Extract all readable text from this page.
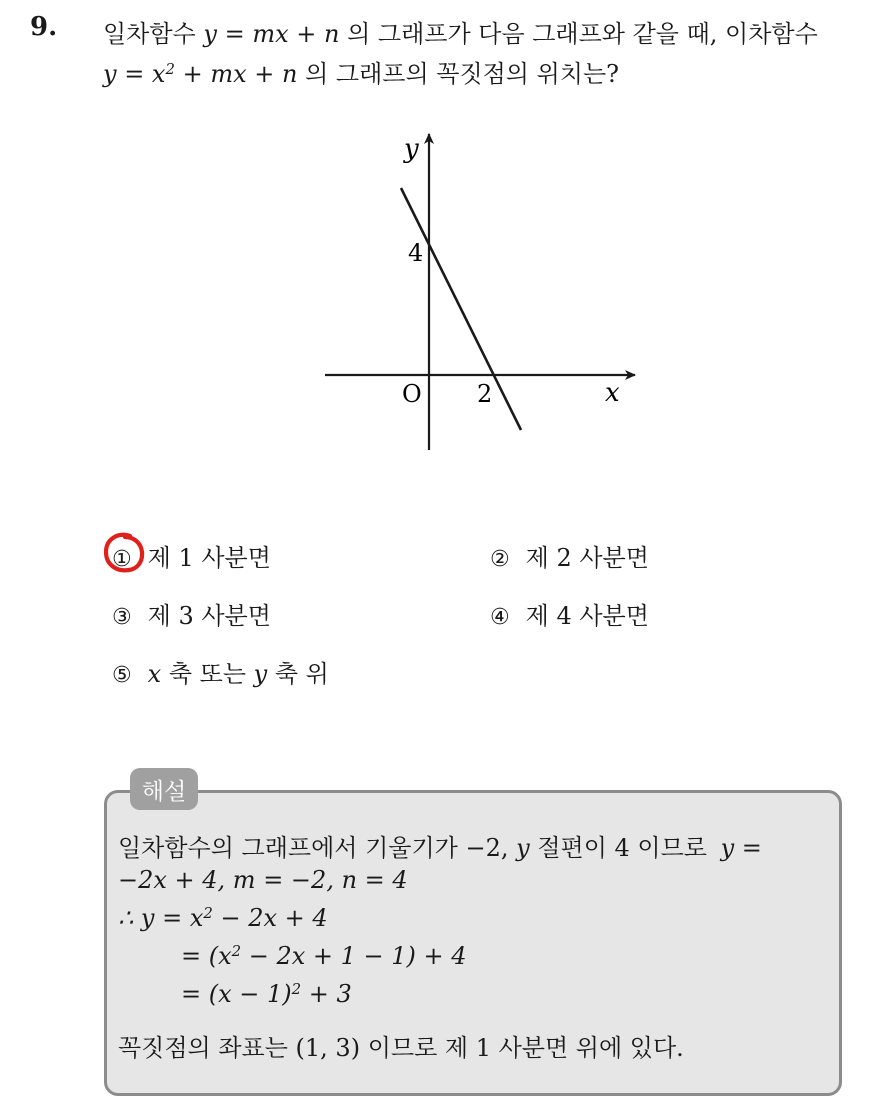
9. 일차함수 y = mx + n 의 그래프가 다음 그래프와 같을 때, 이차함수
$y = x^2$ + mx + n 의 그래프의 꼭짓점의 위치는?
y
x
O
4
2
① 제 1 사분면	② 제 2 사분면
③ 제 3 사분면	④ 제 4 사분면
⑤ x 축 또는 y 축 위
해설
일차함수의 그래프에서 기울기가 −2, y 절편이 4 이므로 y =
−2x + 4, m = −2, n = 4
∴ $y = x^2 - 2x + 4$
= $(x^2 - 2x + 1 - 1) + 4$
= $(x - 1)^2 + 3$
꼭짓점의 좌표는 (1, 3) 이므로 제 1 사분면 위에 있다.
